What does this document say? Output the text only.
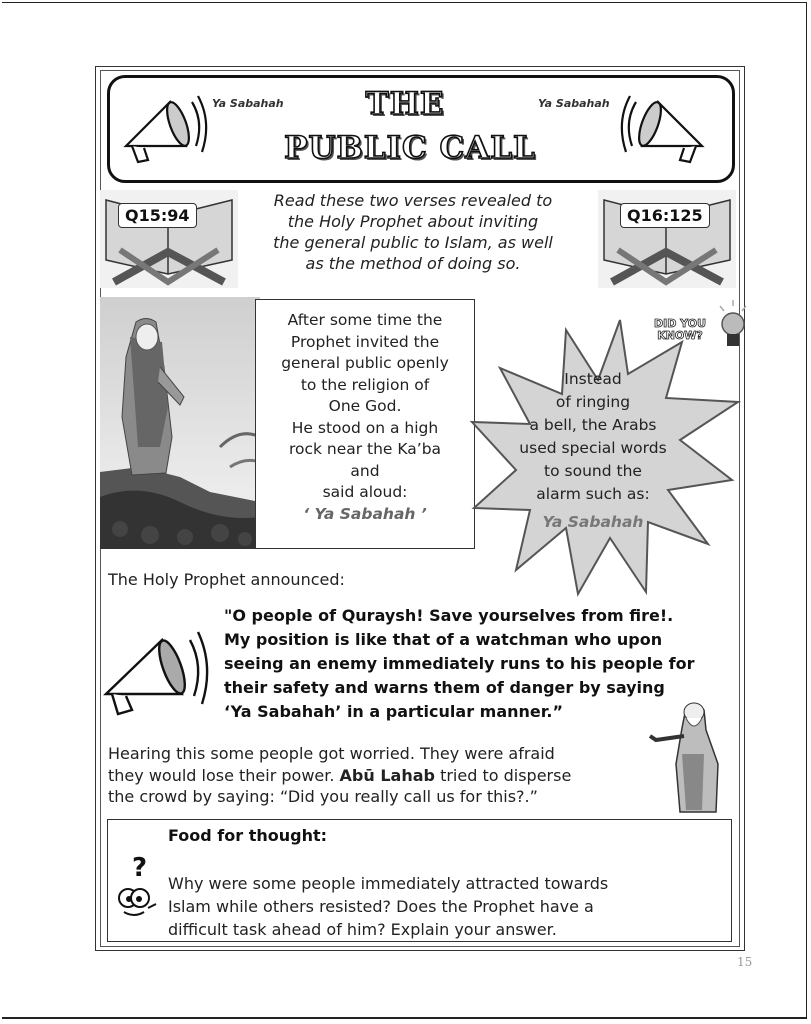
Ya Sabahah	Ya Sabahah
THE
PUBLIC CALL
Q15:94	Q16:125
Read these two verses revealed to
the Holy Prophet about inviting
the general public to Islam, as well
as the method of doing so.
After some time the
Prophet invited the
general public openly
to the religion of
One God.
He stood on a high
rock near the Ka’ba
and
said aloud:
‘ Ya Sabahah ’
Instead
of ringing
a bell, the Arabs
used special words
to sound the
alarm such as:
Ya Sabahah
DID YOU
KNOW?
The Holy Prophet announced:
"O people of Quraysh! Save yourselves from fire!.
My position is like that of a watchman who upon
seeing an enemy immediately runs to his people for
their safety and warns them of danger by saying
‘Ya Sabahah’ in a particular manner.”
Hearing this some people got worried. They were afraid
they would lose their power. Abū Lahab tried to disperse
the crowd by saying: “Did you really call us for this?.”
Food for thought:
?
Why were some people immediately attracted towards
Islam while others resisted? Does the Prophet have a
difficult task ahead of him? Explain your answer.
15
